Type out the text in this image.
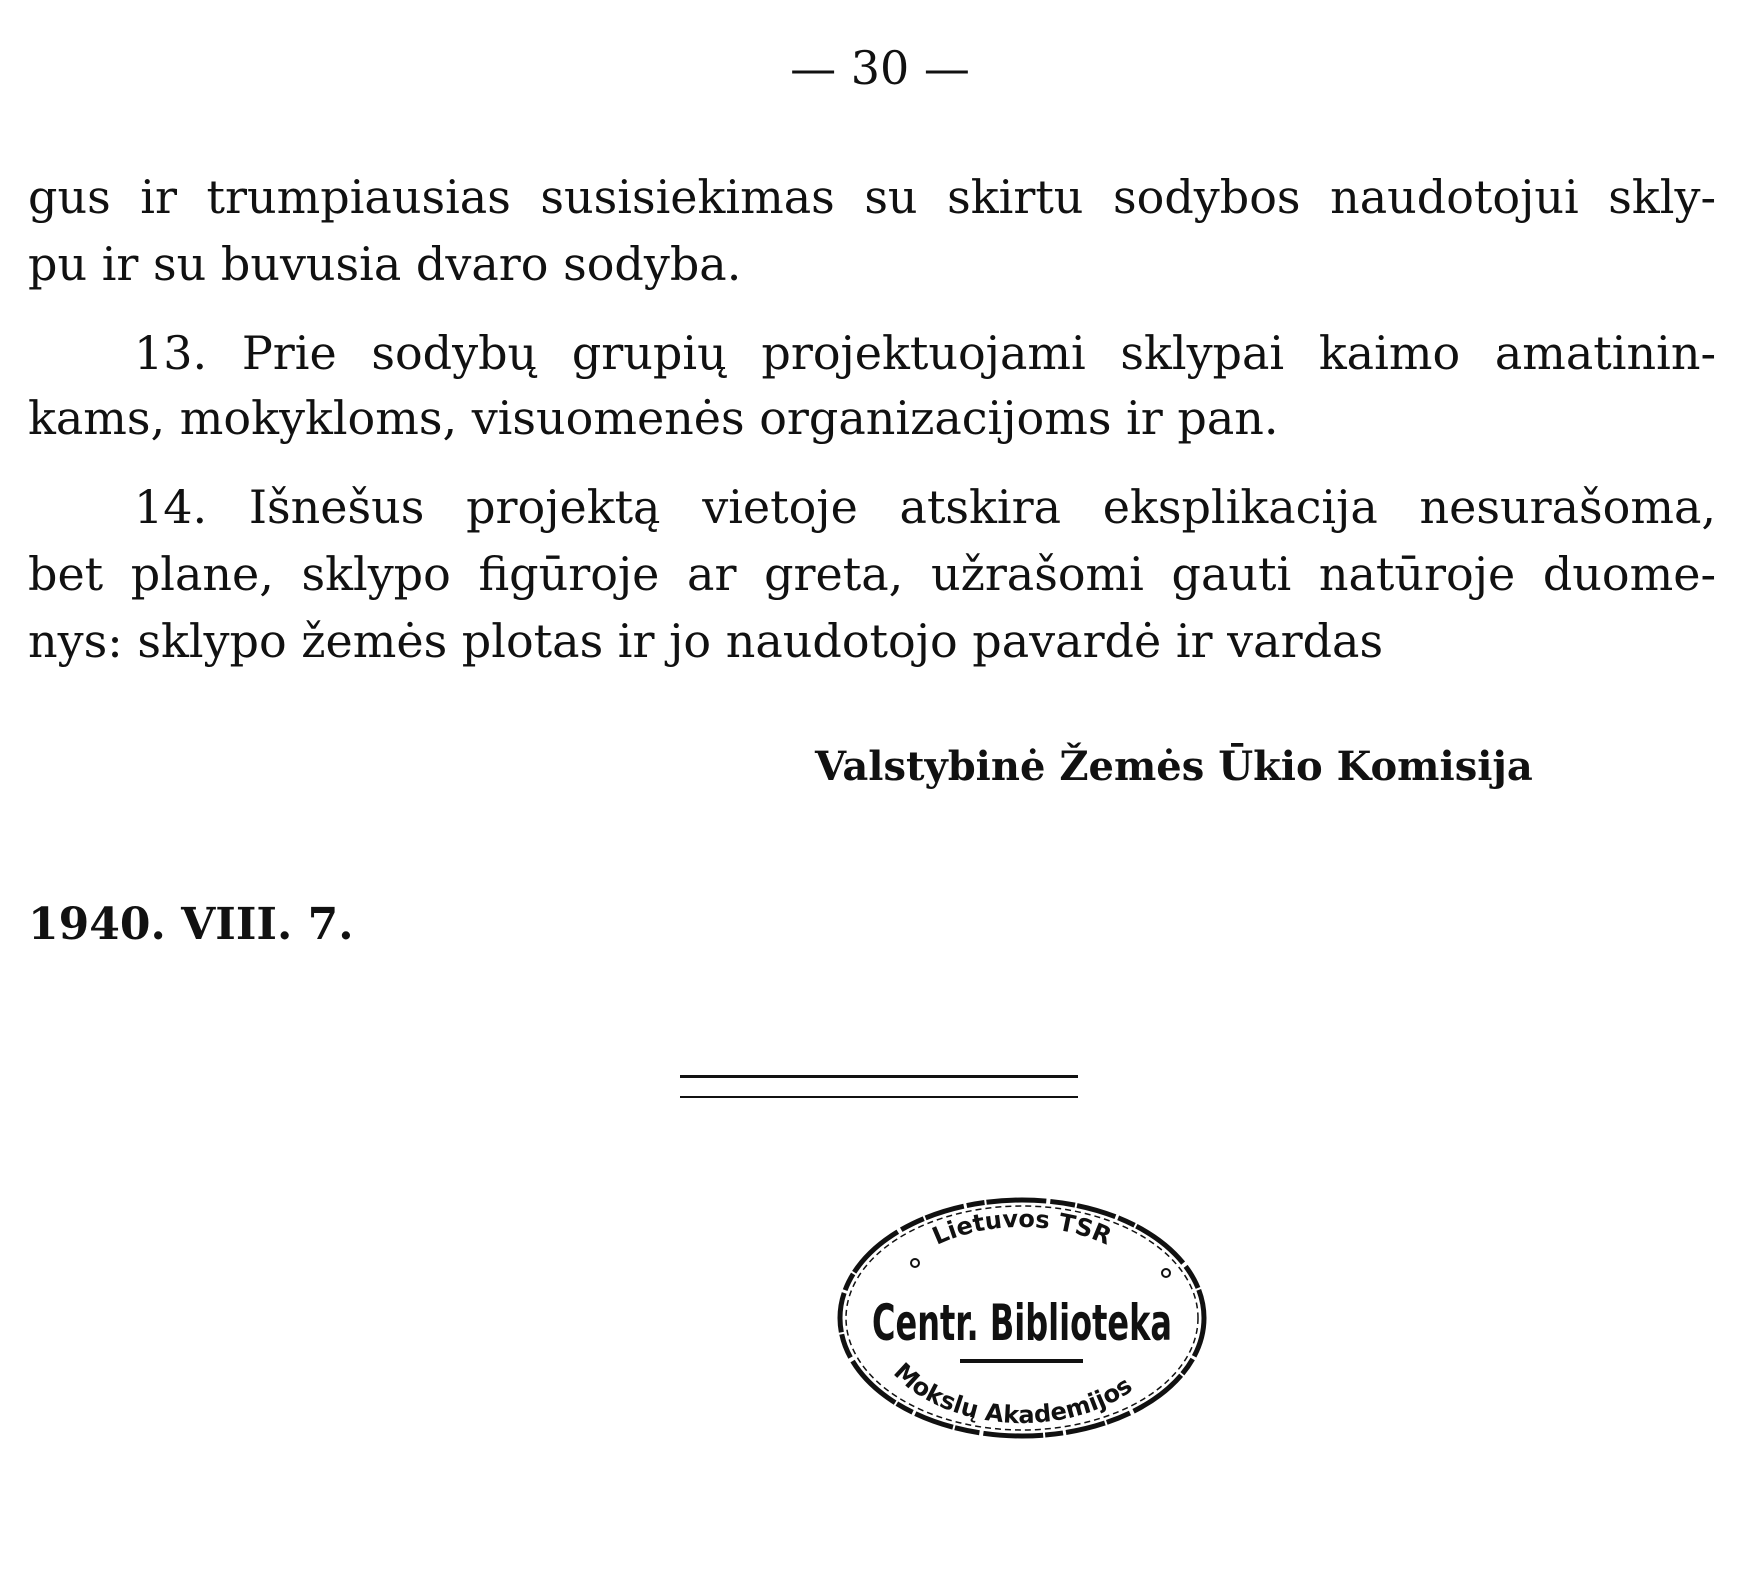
— 30 —
gus ir trumpiausias susisiekimas su skirtu sodybos naudotojui skly-
pu ir su buvusia dvaro sodyba.
13. Prie sodybų grupių projektuojami sklypai kaimo amatinin-
kams, mokykloms, visuomenės organizacijoms ir pan.
14. Išnešus projektą vietoje atskira eksplikacija nesurašoma,
bet plane, sklypo figūroje ar greta, užrašomi gauti natūroje duome-
nys: sklypo žemės plotas ir jo naudotojo pavardė ir vardas
Valstybinė Žemės Ūkio Komisija
1940. VIII. 7.
Lietuvos TSR
Centr. Biblioteka
Mokslų Akademijos
